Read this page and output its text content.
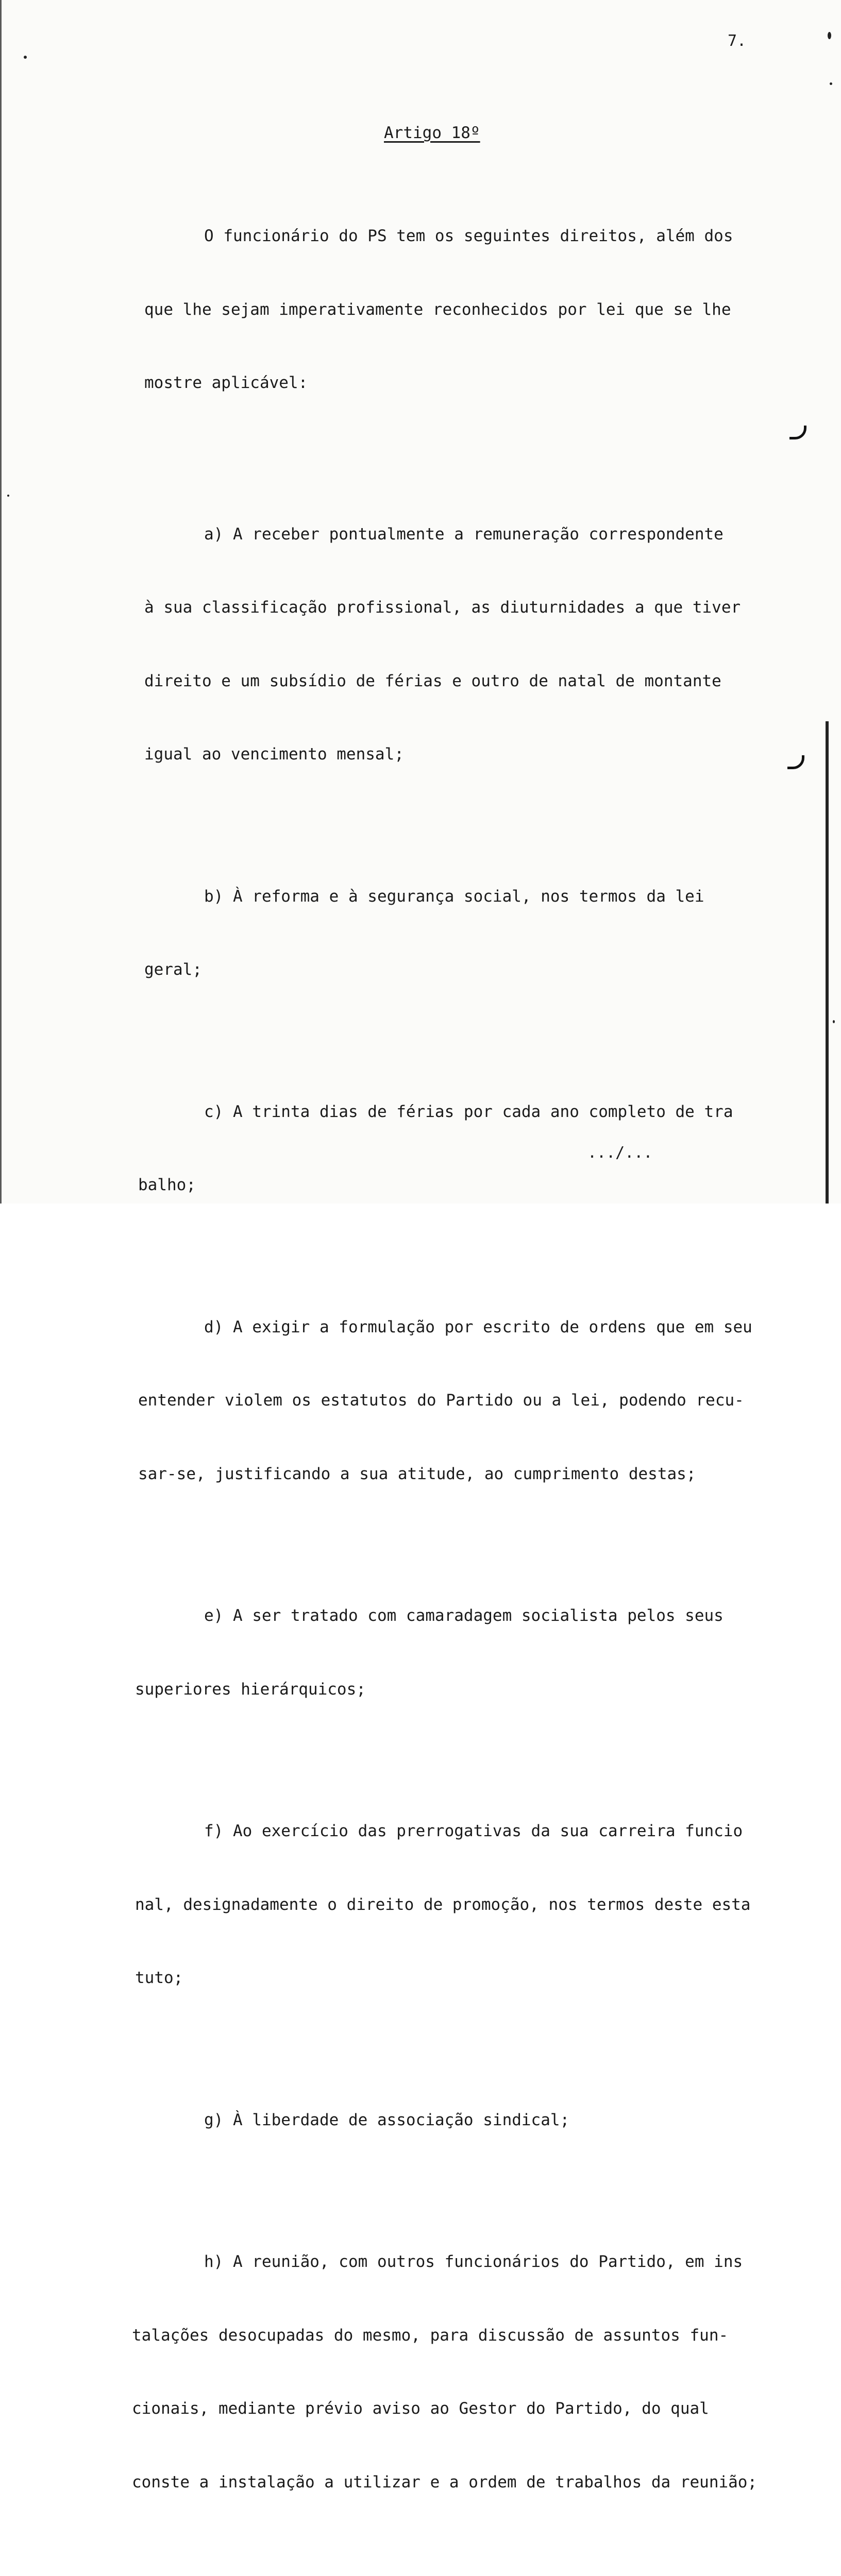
7.
Artigo 18º

O funcionário do PS tem os seguintes direitos, além dos

que lhe sejam imperativamente reconhecidos por lei que se lhe

mostre aplicável:

a) A receber pontualmente a remuneração correspondente

à sua classificação profissional, as diuturnidades a que tiver

direito e um subsídio de férias e outro de natal de montante

igual ao vencimento mensal;

b) À reforma e à segurança social, nos termos da lei

geral;

c) A trinta dias de férias por cada ano completo de tra

balho;

d) A exigir a formulação por escrito de ordens que em seu

entender violem os estatutos do Partido ou a lei, podendo recu-

sar-se, justificando a sua atitude, ao cumprimento destas;

e) A ser tratado com camaradagem socialista pelos seus

superiores hierárquicos;

f) Ao exercício das prerrogativas da sua carreira funcio

nal, designadamente o direito de promoção, nos termos deste esta

tuto;

g) À liberdade de associação sindical;

h) A reunião, com outros funcionários do Partido, em ins

talações desocupadas do mesmo, para discussão de assuntos fun-

cionais, mediante prévio aviso ao Gestor do Partido, do qual

conste a instalação a utilizar e a ordem de trabalhos da reunião;

.../...
